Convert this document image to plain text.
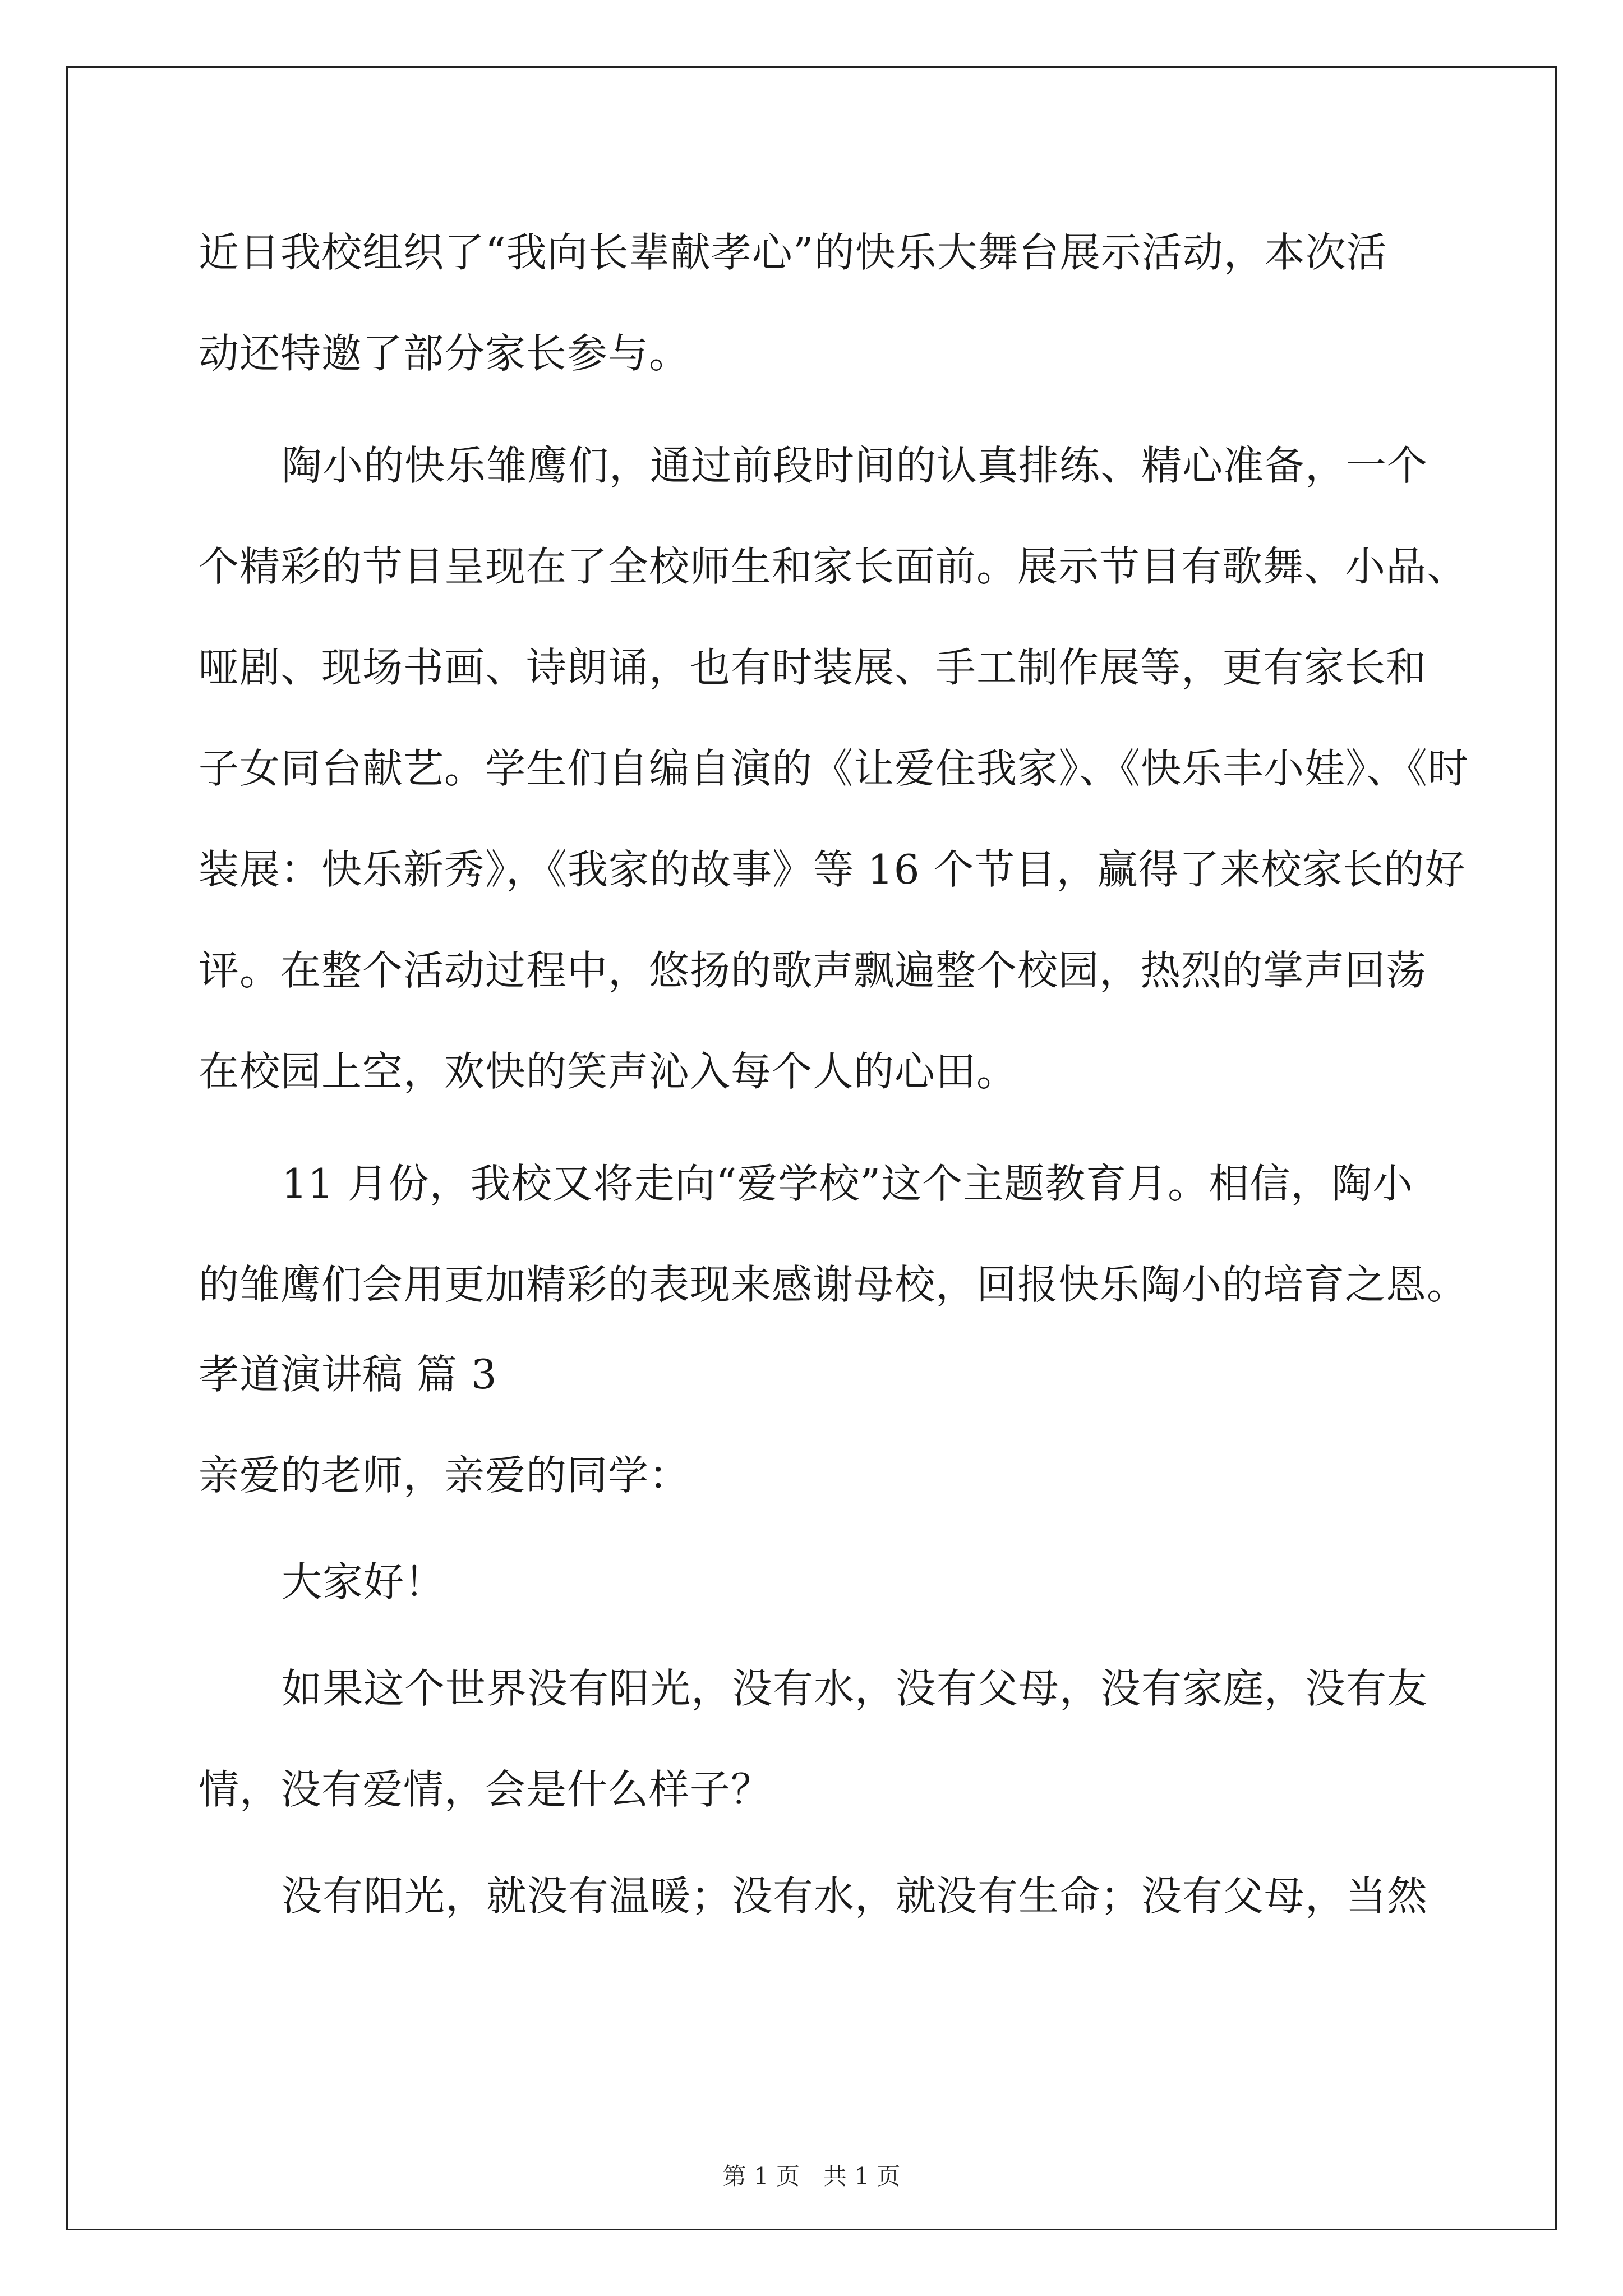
近日我校组织了“我向长辈献孝心”的快乐大舞台展示活动，本次活
动还特邀了部分家长参与。
陶小的快乐雏鹰们，通过前段时间的认真排练、精心准备，一个
个精彩的节目呈现在了全校师生和家长面前。展示节目有歌舞、小品、
哑剧、现场书画、诗朗诵，也有时装展、手工制作展等，更有家长和
子女同台献艺。学生们自编自演的《让爱住我家》、《快乐丰小娃》、《时
装展：快乐新秀》，《我家的故事》等 16 个节目，赢得了来校家长的好
评。在整个活动过程中，悠扬的歌声飘遍整个校园，热烈的掌声回荡
在校园上空，欢快的笑声沁入每个人的心田。
11 月份，我校又将走向“爱学校”这个主题教育月。相信，陶小
的雏鹰们会用更加精彩的表现来感谢母校，回报快乐陶小的培育之恩。
孝道演讲稿 篇 3
亲爱的老师，亲爱的同学：
大家好！
如果这个世界没有阳光，没有水，没有父母，没有家庭，没有友
情，没有爱情，会是什么样子？
没有阳光，就没有温暖；没有水，就没有生命；没有父母，当然
第 1 页　共 1 页
